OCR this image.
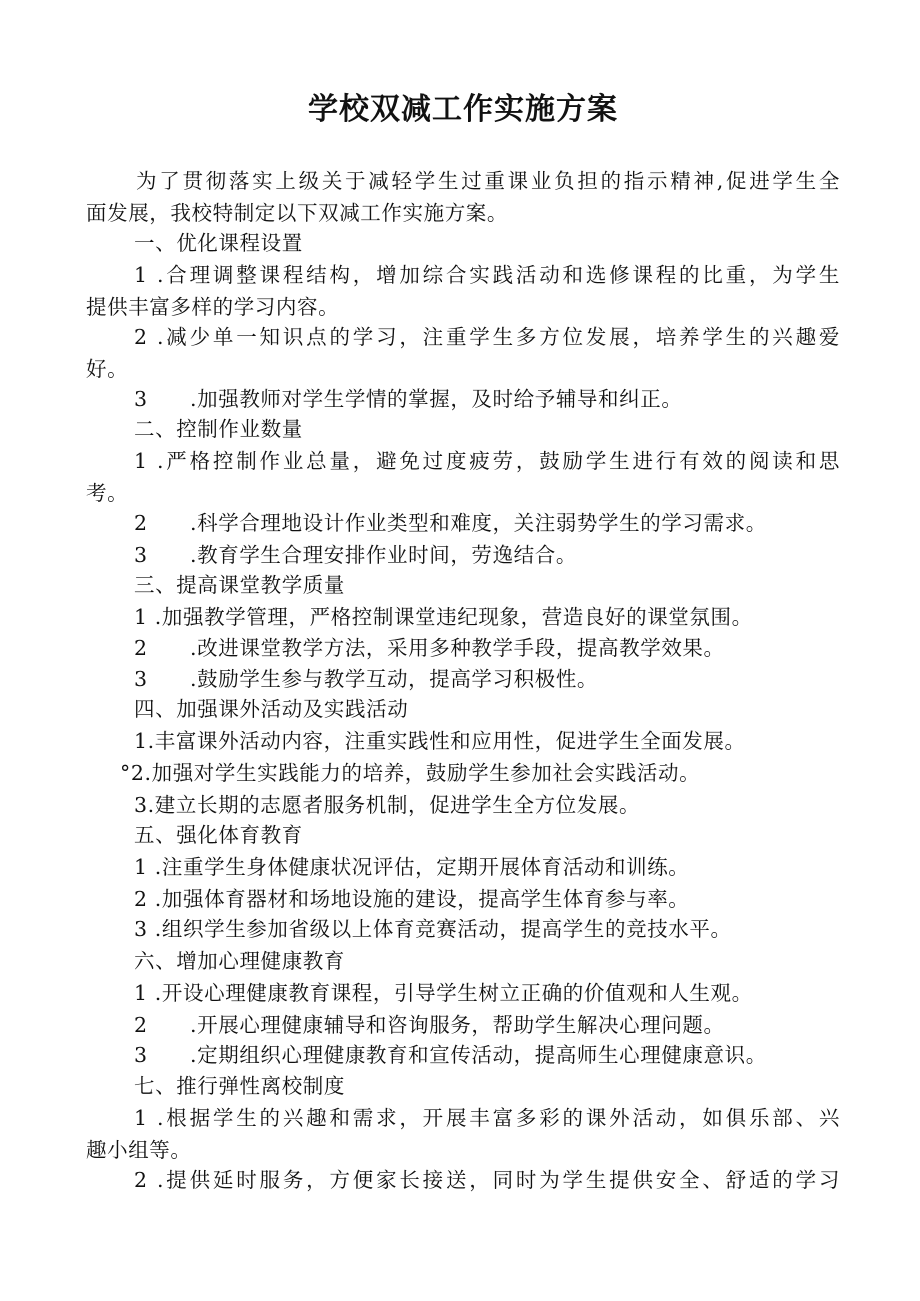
学校双减工作实施方案
为了贯彻落实上级关于减轻学生过重课业负担的指示精神,促进学生全
面发展，我校特制定以下双减工作实施方案。
一、优化课程设置
1 .合理调整课程结构，增加综合实践活动和选修课程的比重，为学生
提供丰富多样的学习内容。
2 .减少单一知识点的学习，注重学生多方位发展，培养学生的兴趣爱
好。
3 .加强教师对学生学情的掌握，及时给予辅导和纠正。
二、控制作业数量
1 .严格控制作业总量，避免过度疲劳，鼓励学生进行有效的阅读和思
考。
2 .科学合理地设计作业类型和难度，关注弱势学生的学习需求。
3 .教育学生合理安排作业时间，劳逸结合。
三、提高课堂教学质量
1 .加强教学管理，严格控制课堂违纪现象，营造良好的课堂氛围。
2 .改进课堂教学方法，采用多种教学手段，提高教学效果。
3 .鼓励学生参与教学互动，提高学习积极性。
四、加强课外活动及实践活动
1.丰富课外活动内容，注重实践性和应用性，促进学生全面发展。
°2.加强对学生实践能力的培养，鼓励学生参加社会实践活动。
3.建立长期的志愿者服务机制，促进学生全方位发展。
五、强化体育教育
1 .注重学生身体健康状况评估，定期开展体育活动和训练。
2 .加强体育器材和场地设施的建设，提高学生体育参与率。
3 .组织学生参加省级以上体育竞赛活动，提高学生的竞技水平。
六、增加心理健康教育
1 .开设心理健康教育课程，引导学生树立正确的价值观和人生观。
2 .开展心理健康辅导和咨询服务，帮助学生解决心理问题。
3 .定期组织心理健康教育和宣传活动，提高师生心理健康意识。
七、推行弹性离校制度
1 .根据学生的兴趣和需求，开展丰富多彩的课外活动，如俱乐部、兴
趣小组等。
2 .提供延时服务，方便家长接送，同时为学生提供安全、舒适的学习
